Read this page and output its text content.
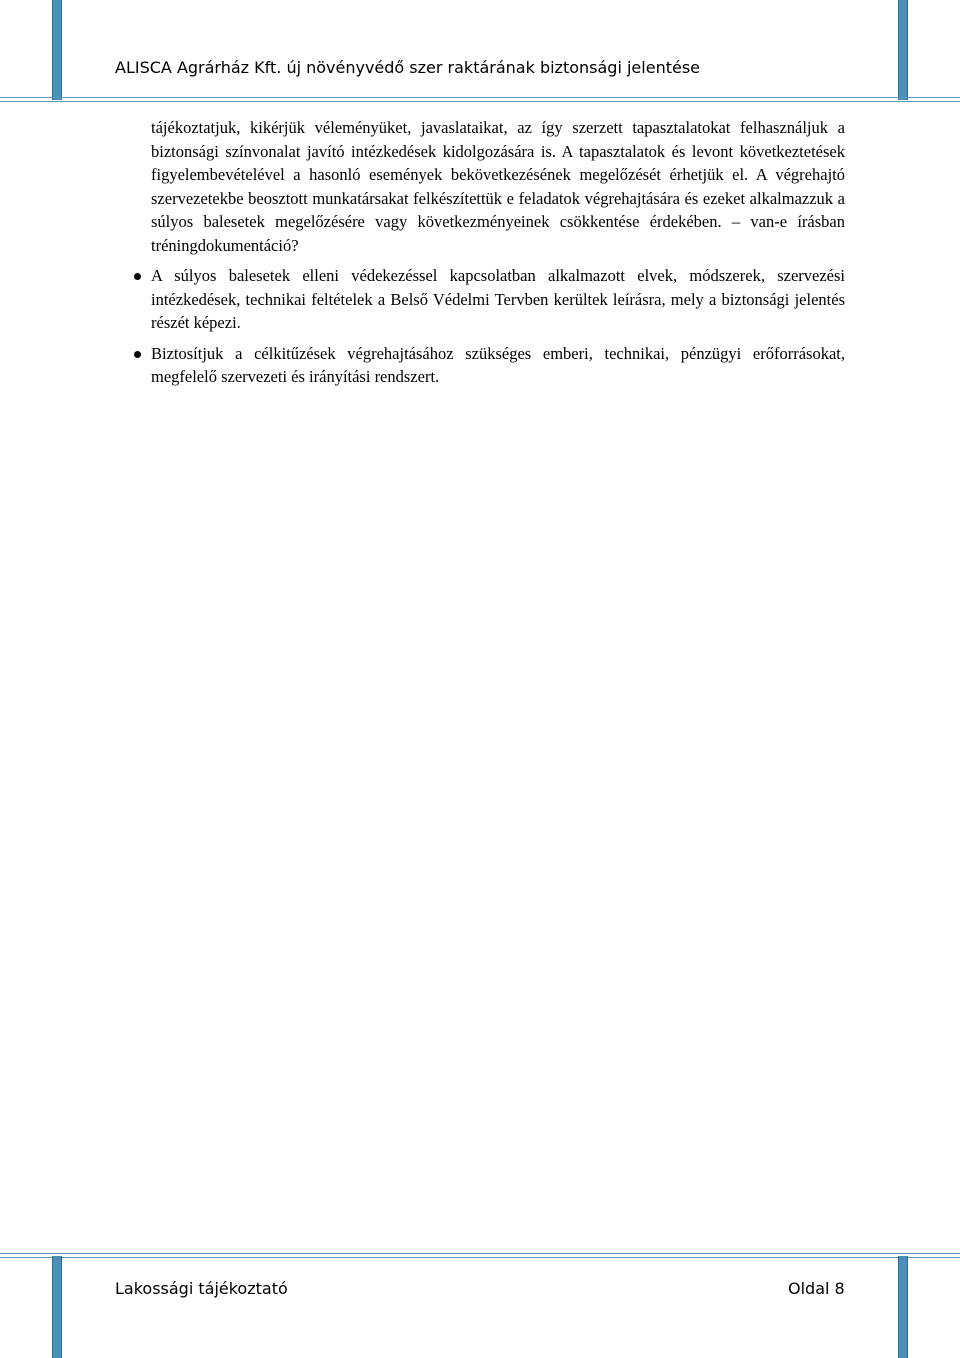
ALISCA Agrárház Kft. új növényvédő szer raktárának biztonsági jelentése

tájékoztatjuk, kikérjük véleményüket, javaslataikat, az így szerzett tapasztalatokat felhasználjuk a biztonsági színvonalat javító intézkedések kidolgozására is. A tapasztalatok és levont következtetések figyelembevételével a hasonló események bekövetkezésének megelőzését érhetjük el. A végrehajtó szervezetekbe beosztott munkatársakat felkészítettük e feladatok végrehajtására és ezeket alkalmazzuk a súlyos balesetek megelőzésére vagy következményeinek csökkentése érdekében. – van-e írásban tréningdokumentáció?

A súlyos balesetek elleni védekezéssel kapcsolatban alkalmazott elvek, módszerek, szervezési intézkedések, technikai feltételek a Belső Védelmi Tervben kerültek leírásra, mely a biztonsági jelentés részét képezi.
Biztosítjuk a célkitűzések végrehajtásához szükséges emberi, technikai, pénzügyi erőforrásokat, megfelelő szervezeti és irányítási rendszert.
Lakossági tájékoztató	Oldal 8
